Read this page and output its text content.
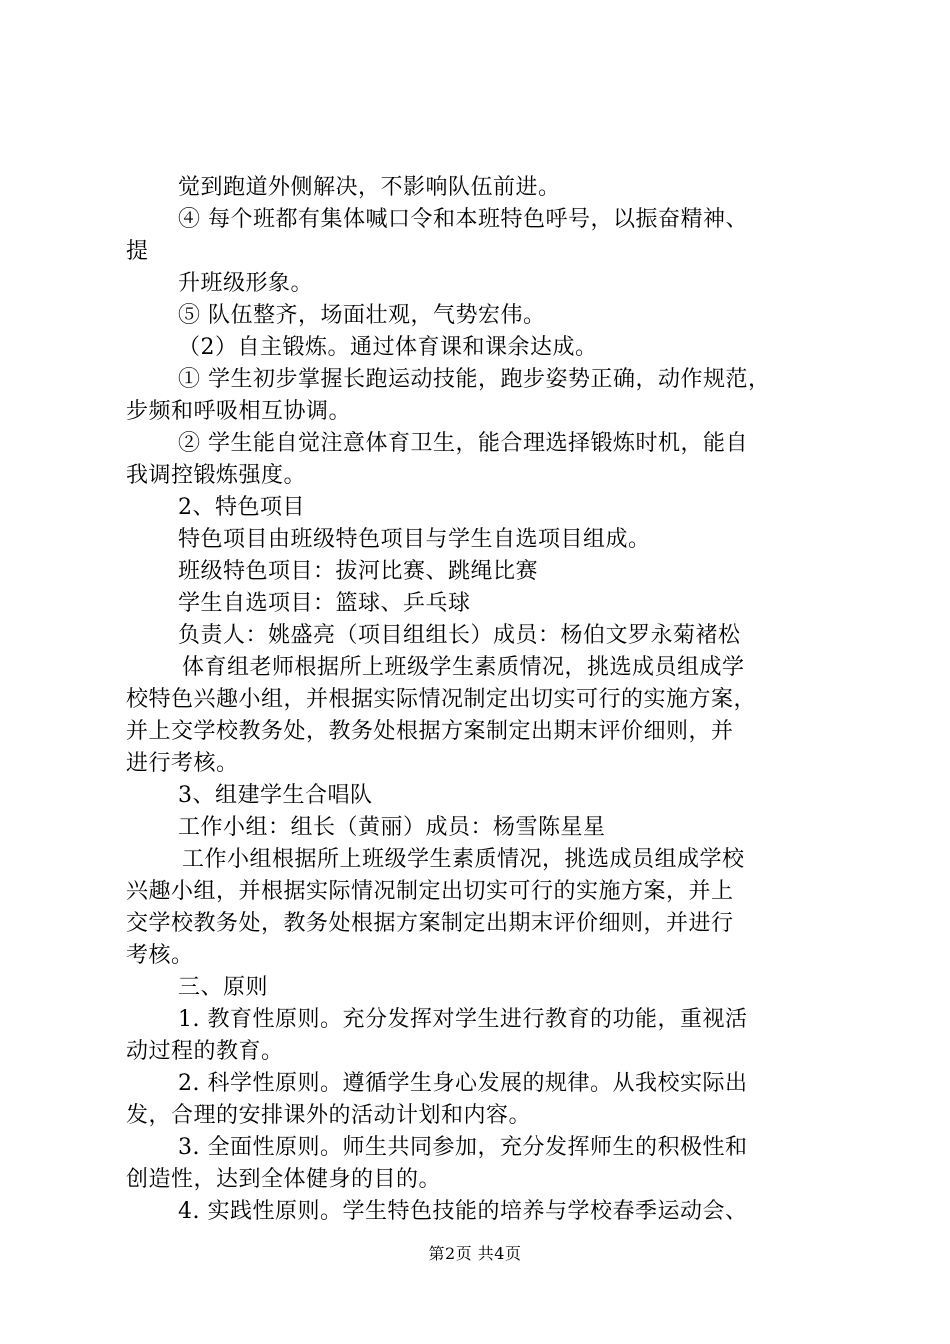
觉到跑道外侧解决，不影响队伍前进。
④ 每个班都有集体喊口令和本班特色呼号，以振奋精神、
提
升班级形象。
⑤ 队伍整齐，场面壮观，气势宏伟。
（2）自主锻炼。通过体育课和课余达成。
① 学生初步掌握长跑运动技能，跑步姿势正确，动作规范，
步频和呼吸相互协调。
② 学生能自觉注意体育卫生，能合理选择锻炼时机，能自
我调控锻炼强度。
2、特色项目
特色项目由班级特色项目与学生自选项目组成。
班级特色项目：拔河比赛、跳绳比赛
学生自选项目：篮球、乒乓球
负责人：姚盛亮（项目组组长）成员：杨伯文罗永菊褚松
体育组老师根据所上班级学生素质情况，挑选成员组成学
校特色兴趣小组，并根据实际情况制定出切实可行的实施方案，
并上交学校教务处，教务处根据方案制定出期末评价细则，并
进行考核。
3、组建学生合唱队
工作小组：组长（黄丽）成员：杨雪陈星星
工作小组根据所上班级学生素质情况，挑选成员组成学校
兴趣小组，并根据实际情况制定出切实可行的实施方案，并上
交学校教务处，教务处根据方案制定出期末评价细则，并进行
考核。
三、原则
1. 教育性原则。充分发挥对学生进行教育的功能，重视活
动过程的教育。
2. 科学性原则。遵循学生身心发展的规律。从我校实际出
发，合理的安排课外的活动计划和内容。
3. 全面性原则。师生共同参加，充分发挥师生的积极性和
创造性，达到全体健身的目的。
4. 实践性原则。学生特色技能的培养与学校春季运动会、
第2页 共4页
